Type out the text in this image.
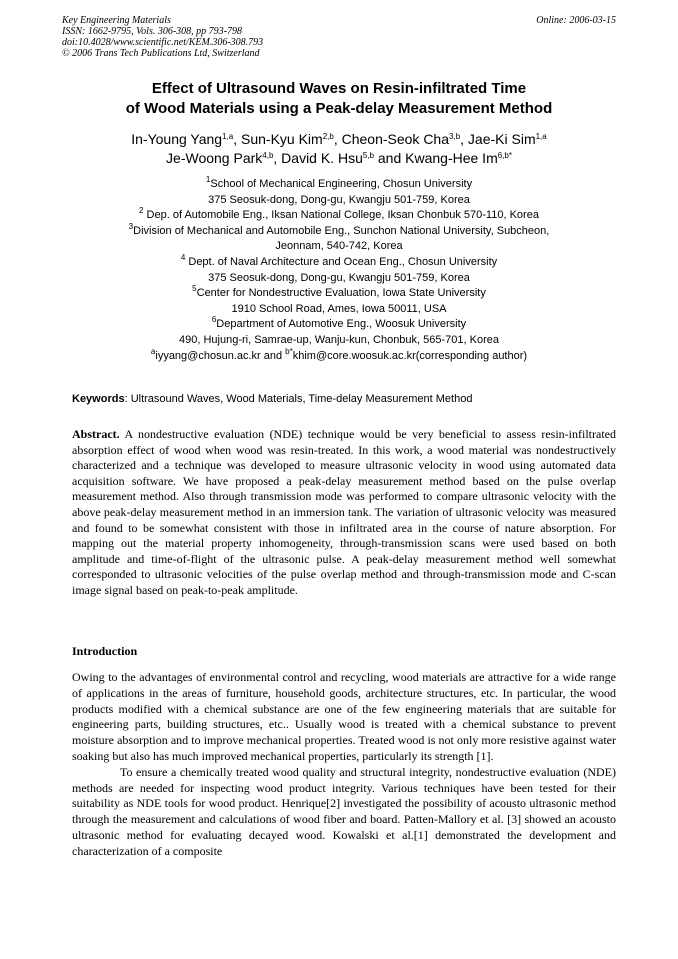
Key Engineering Materials
ISSN: 1662-9795, Vols. 306-308, pp 793-798
doi:10.4028/www.scientific.net/KEM.306-308.793
© 2006 Trans Tech Publications Ltd, Switzerland
Online: 2006-03-15
Effect of Ultrasound Waves on Resin-infiltrated Time
of Wood Materials using a Peak-delay Measurement Method
In-Young Yang$^{1,a}$, Sun-Kyu Kim$^{2,b}$, Cheon-Seok Cha$^{3,b}$, Jae-Ki Sim$^{1,a}$
Je-Woong Park$^{4,b}$, David K. Hsu$^{5,b}$ and Kwang-Hee $Im^{6,b*}$
$^1$School of Mechanical Engineering, Chosun University
375 Seosuk-dong, Dong-gu, Kwangju 501-759, Korea
$^2$ Dep. of Automobile Eng., Iksan National College, Iksan Chonbuk 570-110, Korea
$^3$Division of Mechanical and Automobile Eng., Sunchon National University, Subcheon,
Jeonnam, 540-742, Korea
$^4$ Dept. of Naval Architecture and Ocean Eng., Chosun University
375 Seosuk-dong, Dong-gu, Kwangju 501-759, Korea
$^5$Center for Nondestructive Evaluation, Iowa State University
1910 School Road, Ames, Iowa 50011, USA
$^6$Department of Automotive Eng., Woosuk University
490, Hujung-ri, Samrae-up, Wanju-kun, Chonbuk, 565-701, Korea
$^a$iyyang@chosun.ac.kr and $^{b*}$khim@core.woosuk.ac.kr(corresponding author)
Keywords: Ultrasound Waves, Wood Materials, Time-delay Measurement Method
Abstract. A nondestructive evaluation (NDE) technique would be very beneficial to assess resin-infiltrated absorption effect of wood when wood was resin-treated. In this work, a wood material was nondestructively characterized and a technique was developed to measure ultrasonic velocity in wood using automated data acquisition software. We have proposed a peak-delay measurement method based on the pulse overlap measurement method. Also through transmission mode was performed to compare ultrasonic velocity with the above peak-delay measurement method in an immersion tank. The variation of ultrasonic velocity was measured and found to be somewhat consistent with those in infiltrated area in the course of nature absorption. For mapping out the material property inhomogeneity, through-transmission scans were used based on both amplitude and time-of-flight of the ultrasonic pulse. A peak-delay measurement method well somewhat corresponded to ultrasonic velocities of the pulse overlap method and through-transmission mode and C-scan image signal based on peak-to-peak amplitude.
Introduction

Owing to the advantages of environmental control and recycling, wood materials are attractive for a wide range of applications in the areas of furniture, household goods, architecture structures, etc. In particular, the wood products modified with a chemical substance are one of the few engineering materials that are suitable for engineering parts, building structures, etc.. Usually wood is treated with a chemical substance to prevent moisture absorption and to improve mechanical properties. Treated wood is not only more resistive against water soaking but also has much improved mechanical properties, particularly its strength [1].

To ensure a chemically treated wood quality and structural integrity, nondestructive evaluation (NDE) methods are needed for inspecting wood product integrity. Various techniques have been tested for their suitability as NDE tools for wood product. Henrique[2] investigated the possibility of acousto ultrasonic method through the measurement and calculations of wood fiber and board. Patten-Mallory et al. [3] showed an acousto ultrasonic method for evaluating decayed wood. Kowalski et al.[1] demonstrated the development and characterization of a composite
